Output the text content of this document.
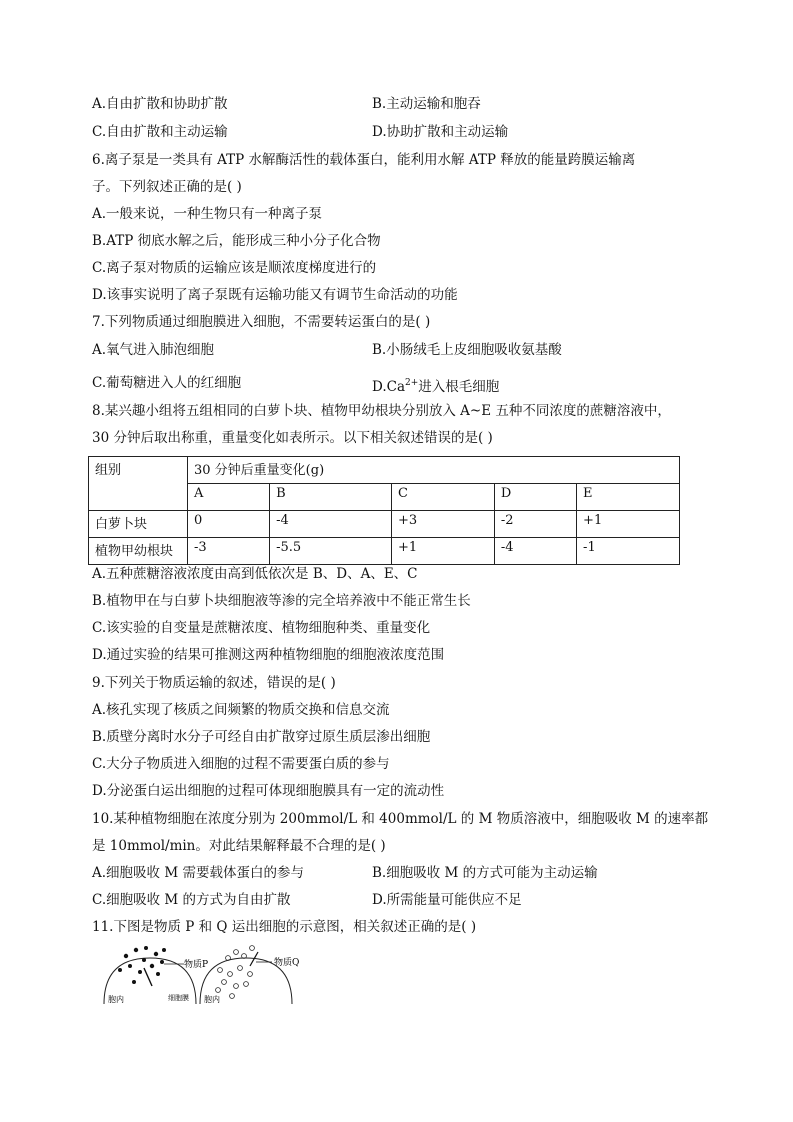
A.自由扩散和协助扩散	B.主动运输和胞吞
C.自由扩散和主动运输	D.协助扩散和主动运输
6.离子泵是一类具有 ATP 水解酶活性的载体蛋白，能利用水解 ATP 释放的能量跨膜运输离
子。下列叙述正确的是( )
A.一般来说，一种生物只有一种离子泵
B.ATP 彻底水解之后，能形成三种小分子化合物
C.离子泵对物质的运输应该是顺浓度梯度进行的
D.该事实说明了离子泵既有运输功能又有调节生命活动的功能
7.下列物质通过细胞膜进入细胞，不需要转运蛋白的是( )
A.氧气进入肺泡细胞	B.小肠绒毛上皮细胞吸收氨基酸
C.葡萄糖进入人的红细胞	$D.Ca^{2+}$进入根毛细胞
8.某兴趣小组将五组相同的白萝卜块、植物甲幼根块分别放入 A~E 五种不同浓度的蔗糖溶液中，
30 分钟后取出称重，重量变化如表所示。以下相关叙述错误的是( )
组别	30 分钟后重量变化(g)				
	A	B	C	D	E
白萝卜块	0	-4	+3	-2	+1
植物甲幼根块	-3	-5.5	+1	-4	-1
A.五种蔗糖溶液浓度由高到低依次是 B、D、A、E、C
B.植物甲在与白萝卜块细胞液等渗的完全培养液中不能正常生长
C.该实验的自变量是蔗糖浓度、植物细胞种类、重量变化
D.通过实验的结果可推测这两种植物细胞的细胞液浓度范围
9.下列关于物质运输的叙述，错误的是( )
A.核孔实现了核质之间频繁的物质交换和信息交流
B.质壁分离时水分子可经自由扩散穿过原生质层渗出细胞
C.大分子物质进入细胞的过程不需要蛋白质的参与
D.分泌蛋白运出细胞的过程可体现细胞膜具有一定的流动性
10.某种植物细胞在浓度分别为 200mmol/L 和 400mmol/L 的 M 物质溶液中，细胞吸收 M 的速率都
是 10mmol/min。对此结果解释最不合理的是( )
A.细胞吸收 M 需要载体蛋白的参与	B.细胞吸收 M 的方式可能为主动运输
C.细胞吸收 M 的方式为自由扩散	D.所需能量可能供应不足
11.下图是物质 P 和 Q 运出细胞的示意图，相关叙述正确的是( )
物质P
胞内	细胞膜
物质Q
胞内
